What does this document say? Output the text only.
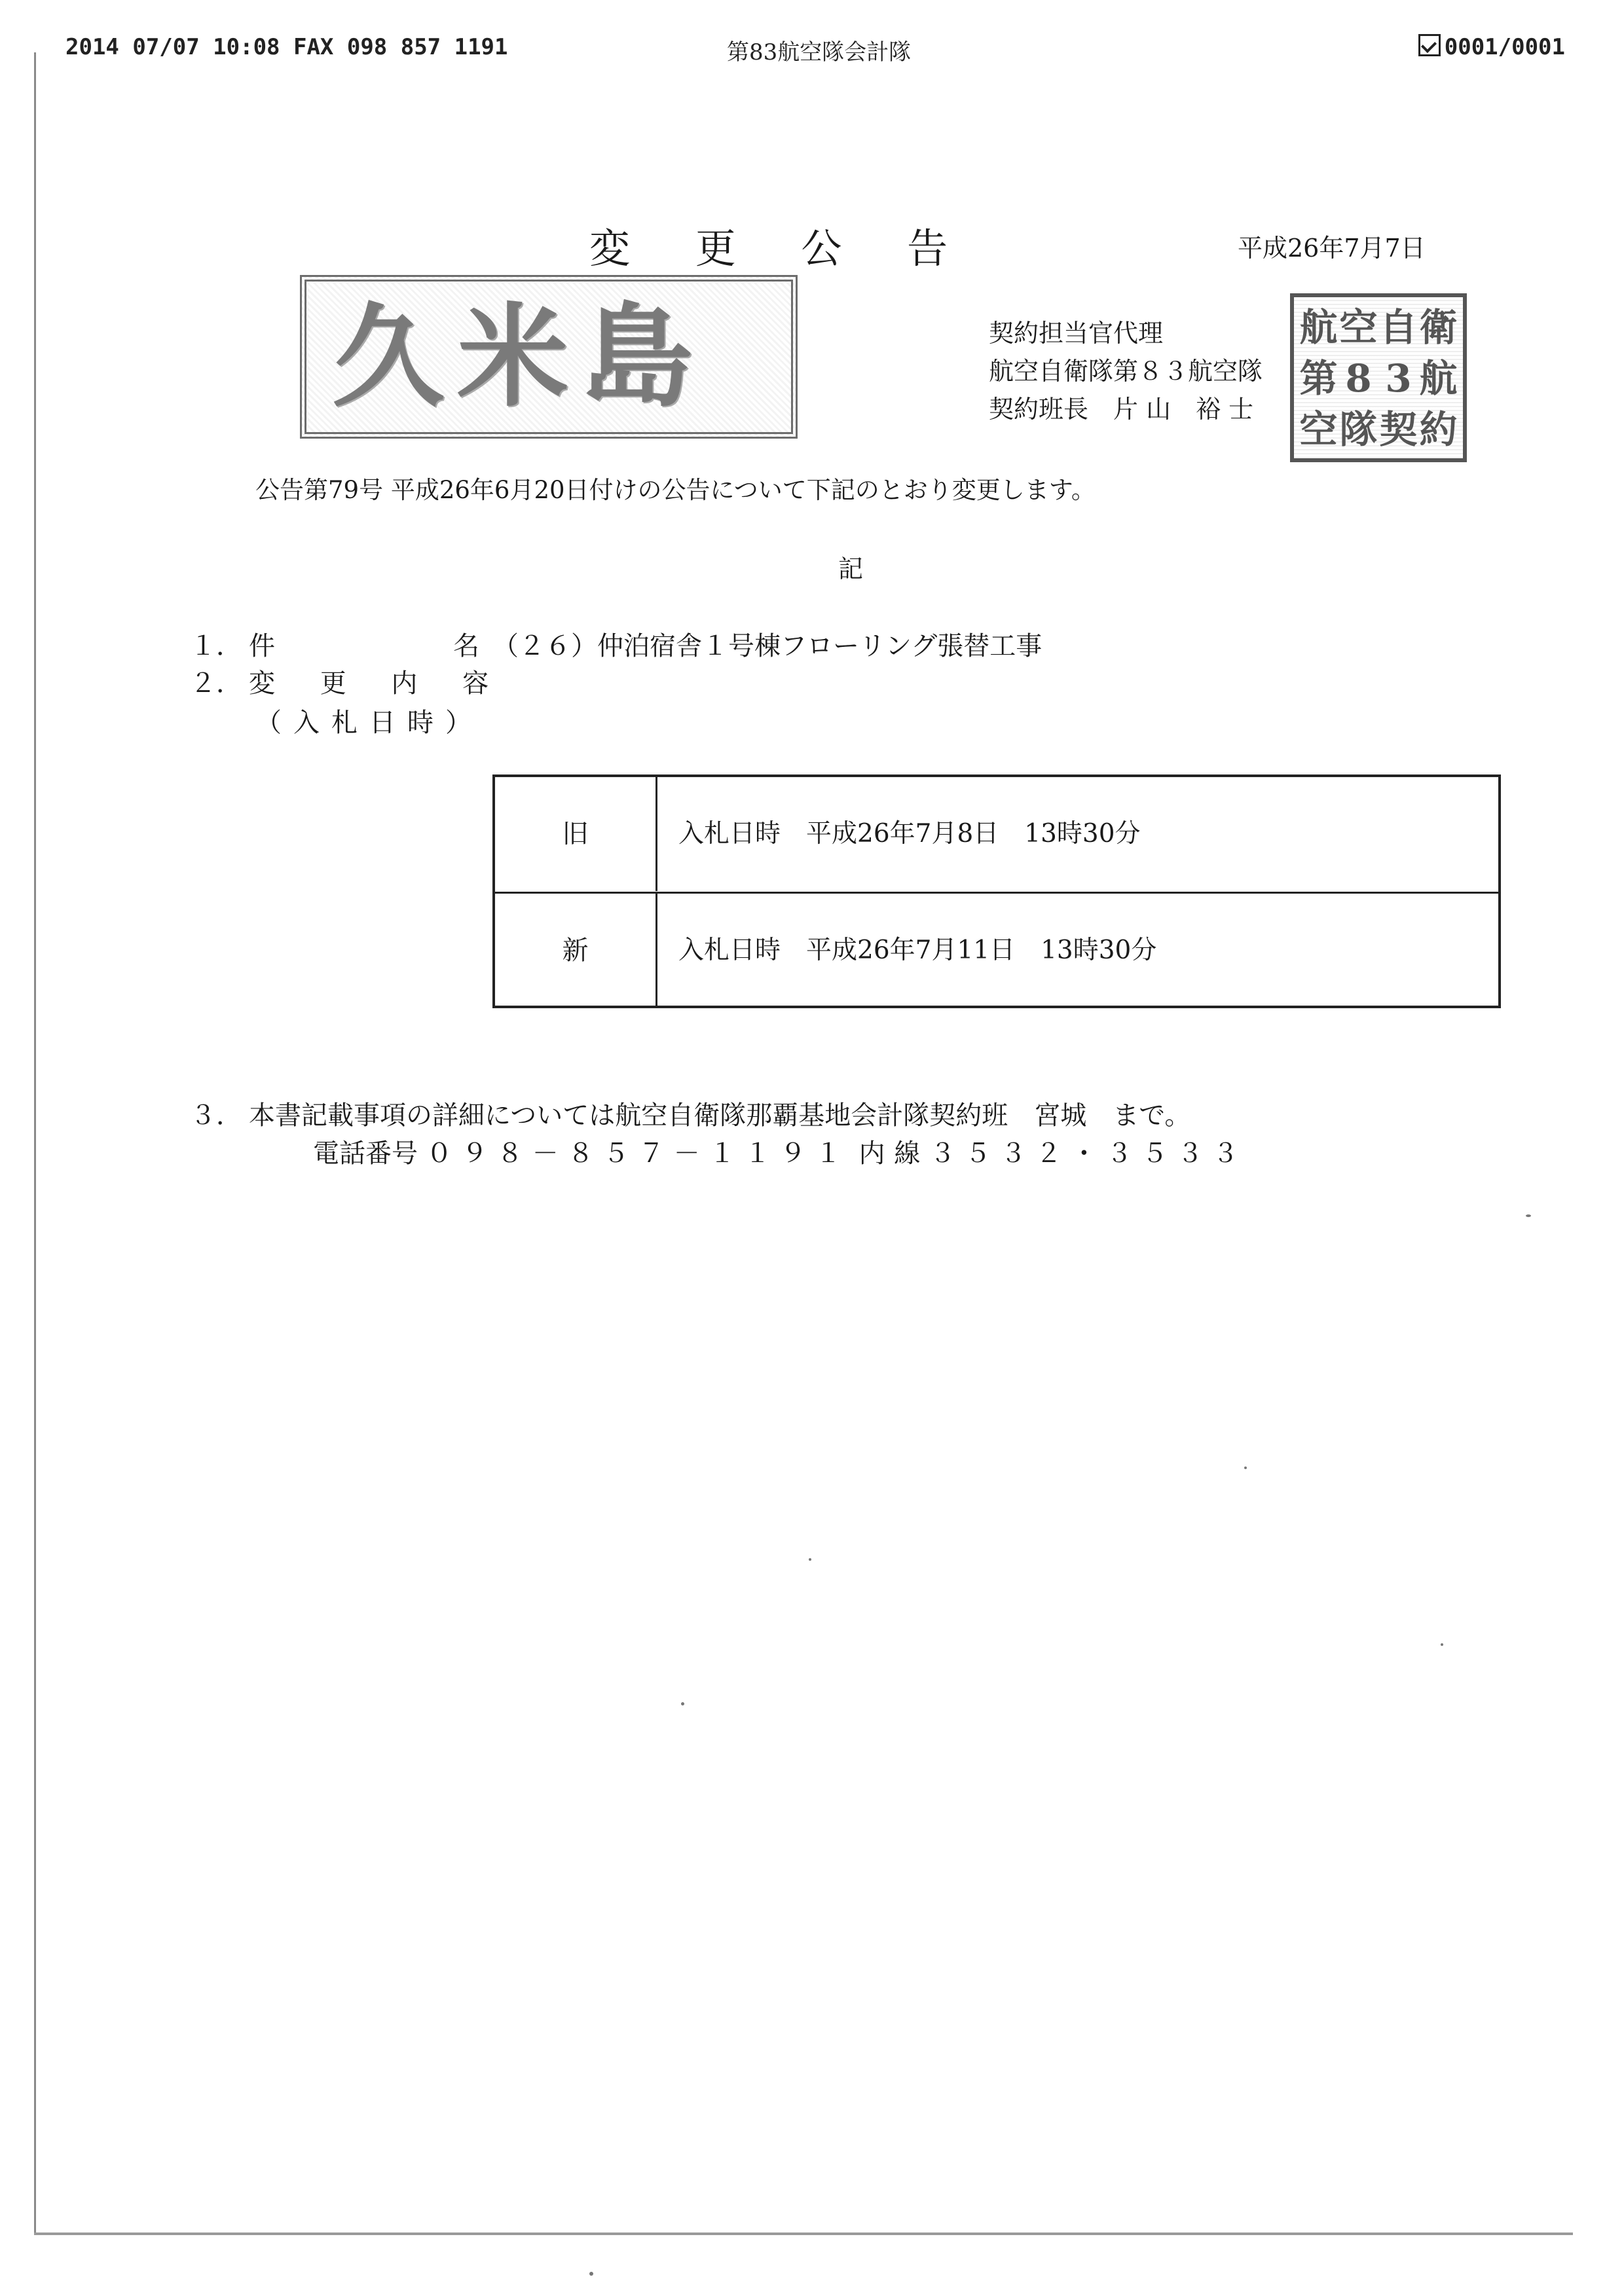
2014 07/07 10:08 FAX 098 857 1191	第83航空隊会計隊	0001/0001
変 更 公 告	平成26年7月7日
久米島	契約担当官代理
航空自衛隊第８３航空隊
契約班長　片 山　裕 士
航 空 自 衛
第 8 3 航
空 隊 契 約
公告第79号 平成26年6月20日付けの公告について下記のとおり変更します。
記
１． 件	名 （２６）仲泊宿舎１号棟フローリング張替工事
２． 変 更 内 容
（入札日時）
旧	入札日時　平成26年7月8日　13時30分
新	入札日時　平成26年7月11日　13時30分
３． 本書記載事項の詳細については航空自衛隊那覇基地会計隊契約班　宮城　まで。
電話番号 ０９８－８５７－１１９１ 内線３５３２・３５３３
